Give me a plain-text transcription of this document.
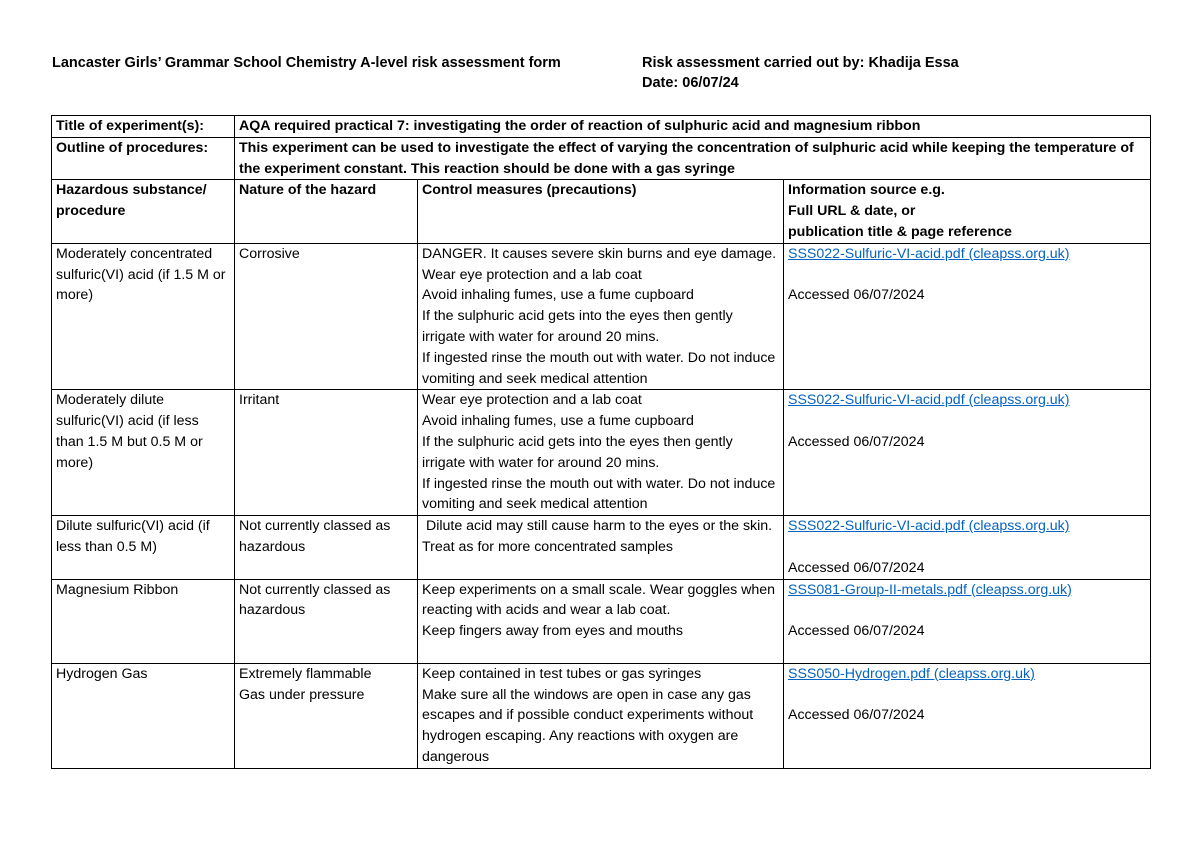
Lancaster Girls’ Grammar School Chemistry A-level risk assessment form	Risk assessment carried out by: Khadija Essa
Date: 06/07/24
Title of experiment(s):	AQA required practical 7: investigating the order of reaction of sulphuric acid and magnesium ribbon		
Outline of procedures:	This experiment can be used to investigate the effect of varying the concentration of sulphuric acid while keeping the temperature of the experiment constant. This reaction should be done with a gas syringe		
Hazardous substance/ procedure	Nature of the hazard	Control measures (precautions)	Information source e.g.
Full URL & date, or
publication title & page reference

Moderately concentrated sulfuric(VI) acid (if 1.5 M or more)	Corrosive	DANGER. It causes severe skin burns and eye damage.
Wear eye protection and a lab coat
Avoid inhaling fumes, use a fume cupboard
If the sulphuric acid gets into the eyes then gently irrigate with water for around 20 mins.
If ingested rinse the mouth out with water. Do not induce vomiting and seek medical attention	SSS022-Sulfuric-VI-acid.pdf (cleapss.org.uk)
Accessed 06/07/2024

Moderately dilute sulfuric(VI) acid (if less than 1.5 M but 0.5 M or more)	Irritant	Wear eye protection and a lab coat
Avoid inhaling fumes, use a fume cupboard
If the sulphuric acid gets into the eyes then gently irrigate with water for around 20 mins.
If ingested rinse the mouth out with water. Do not induce vomiting and seek medical attention	SSS022-Sulfuric-VI-acid.pdf (cleapss.org.uk)
Accessed 06/07/2024

Dilute sulfuric(VI) acid (if less than 0.5 M)	Not currently classed as hazardous	Dilute acid may still cause harm to the eyes or the skin. Treat as for more concentrated samples	SSS022-Sulfuric-VI-acid.pdf (cleapss.org.uk)
Accessed 06/07/2024

Magnesium Ribbon	Not currently classed as hazardous	Keep experiments on a small scale. Wear goggles when reacting with acids and wear a lab coat.
Keep fingers away from eyes and mouths	SSS081-Group-II-metals.pdf (cleapss.org.uk)
Accessed 06/07/2024

Hydrogen Gas	Extremely flammable
Gas under pressure	Keep contained in test tubes or gas syringes
Make sure all the windows are open in case any gas escapes and if possible conduct experiments without hydrogen escaping. Any reactions with oxygen are dangerous	SSS050-Hydrogen.pdf (cleapss.org.uk)
Accessed 06/07/2024
